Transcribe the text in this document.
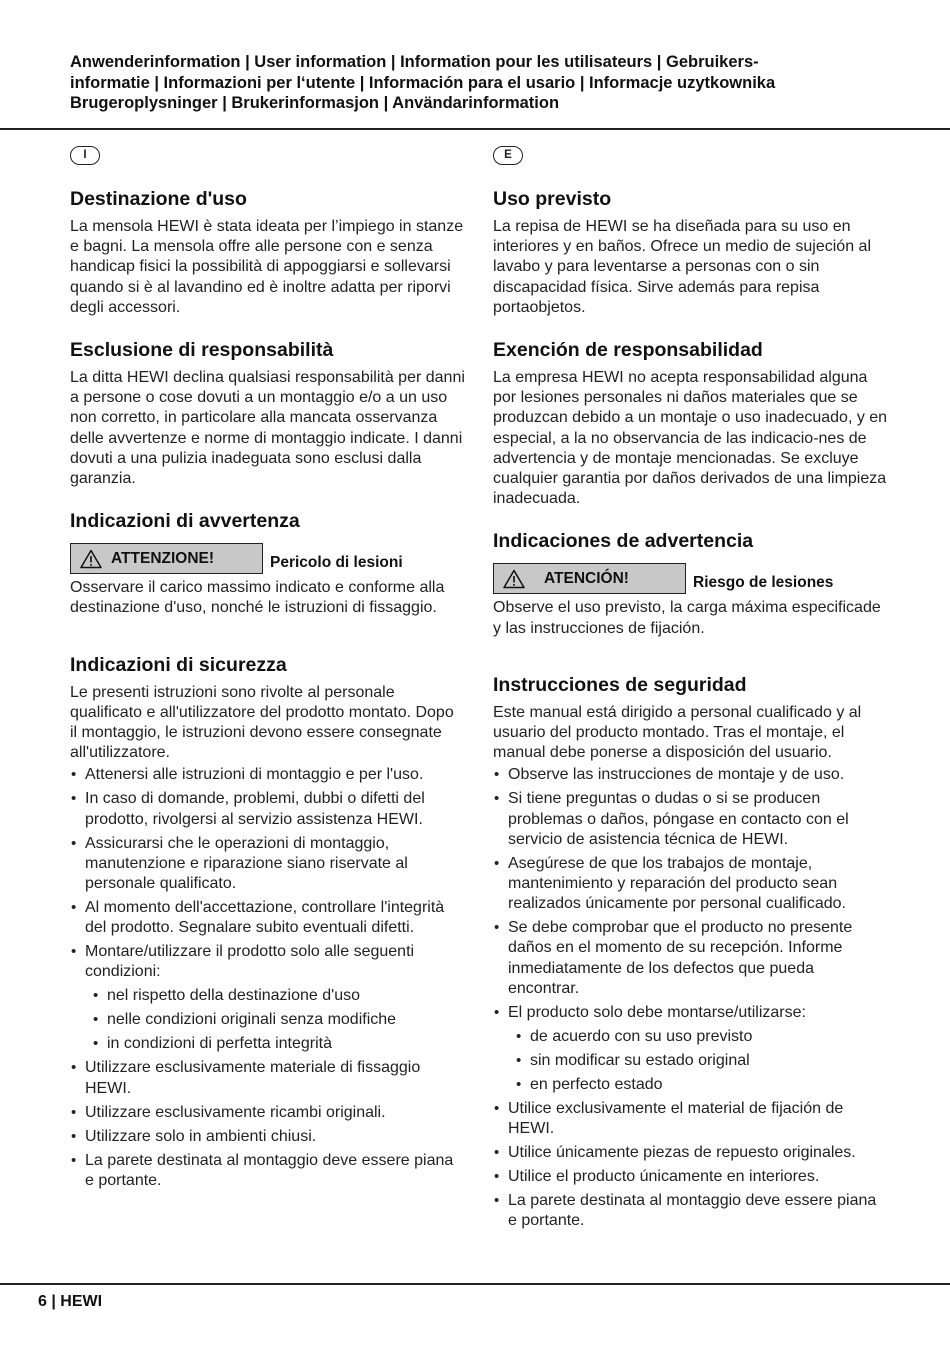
Anwenderinformation | User information | Information pour les utilisateurs | Gebruikers-
informatie | Informazioni per l‘utente | Información para el usario | Informacje uzytkownika
Brugeroplysninger | Brukerinformasjon | Användarinformation
I
Destinazione d'uso

La mensola HEWI è stata ideata per l’impiego in stanze e bagni. La mensola offre alle persone con e senza handicap fisici la possibilità di appoggiarsi e sollevarsi quando si è al lavandino ed è inoltre adatta per riporvi degli accessori.

Esclusione di responsabilità

La ditta HEWI declina qualsiasi responsabilità per danni a persone o cose dovuti a un montaggio e/o a un uso non corretto, in particolare alla mancata osservanza delle avvertenze e norme di montaggio indicate. I danni dovuti a una pulizia inadeguata sono esclusi dalla garanzia.

Indicazioni di avvertenza
ATTENZIONE!	Pericolo di lesioni

Osservare il carico massimo indicato e conforme alla destinazione d'uso, nonché le istruzioni di fissaggio.

Indicazioni di sicurezza

Le presenti istruzioni sono rivolte al personale qualificato e all'utilizzatore del prodotto montato. Dopo il montaggio, le istruzioni devono essere consegnate all'utilizzatore.

• Attenersi alle istruzioni di montaggio e per l'uso.
• In caso di domande, problemi, dubbi o difetti del prodotto, rivolgersi al servizio assistenza HEWI.
• Assicurarsi che le operazioni di montaggio, manutenzione e riparazione siano riservate al personale qualificato.
• Al momento dell'accettazione, controllare l'integrità del prodotto. Segnalare subito eventuali difetti.
• Montare/utilizzare il prodotto solo alle seguenti condizioni:
• nel rispetto della destinazione d'uso
• nelle condizioni originali senza modifiche
• in condizioni di perfetta integrità
• Utilizzare esclusivamente materiale di fissaggio HEWI.
• Utilizzare esclusivamente ricambi originali.
• Utilizzare solo in ambienti chiusi.
• La parete destinata al montaggio deve essere piana e portante.
E
Uso previsto

La repisa de HEWI se ha diseñada para su uso en interiores y en baños. Ofrece un medio de sujeción al lavabo y para leventarse a personas con o sin discapacidad física. Sirve además para repisa portaobjetos.

Exención de responsabilidad

La empresa HEWI no acepta responsabilidad alguna por lesiones personales ni daños materiales que se produzcan debido a un montaje o uso inadecuado, y en especial, a la no observancia de las indicacio-nes de advertencia y de montaje mencionadas. Se excluye cualquier garantia por daños derivados de una limpieza inadecuada.

Indicaciones de advertencia
ATENCIÓN!	Riesgo de lesiones

Observe el uso previsto, la carga máxima especificade y las instrucciones de fijación.

Instrucciones de seguridad

Este manual está dirigido a personal cualificado y al usuario del producto montado. Tras el montaje, el manual debe ponerse a disposición del usuario.

• Observe las instrucciones de montaje y de uso.
• Si tiene preguntas o dudas o si se producen problemas o daños, póngase en contacto con el servicio de asistencia técnica de HEWI.
• Asegúrese de que los trabajos de montaje, mantenimiento y reparación del producto sean realizados únicamente por personal cualificado.
• Se debe comprobar que el producto no presente daños en el momento de su recepción. Informe inmediatamente de los defectos que pueda encontrar.
• El producto solo debe montarse/utilizarse:
• de acuerdo con su uso previsto
• sin modificar su estado original
• en perfecto estado
• Utilice exclusivamente el material de fijación de HEWI.
• Utilice únicamente piezas de repuesto originales.
• Utilice el producto únicamente en interiores.
• La parete destinata al montaggio deve essere piana e portante.
6 | HEWI
